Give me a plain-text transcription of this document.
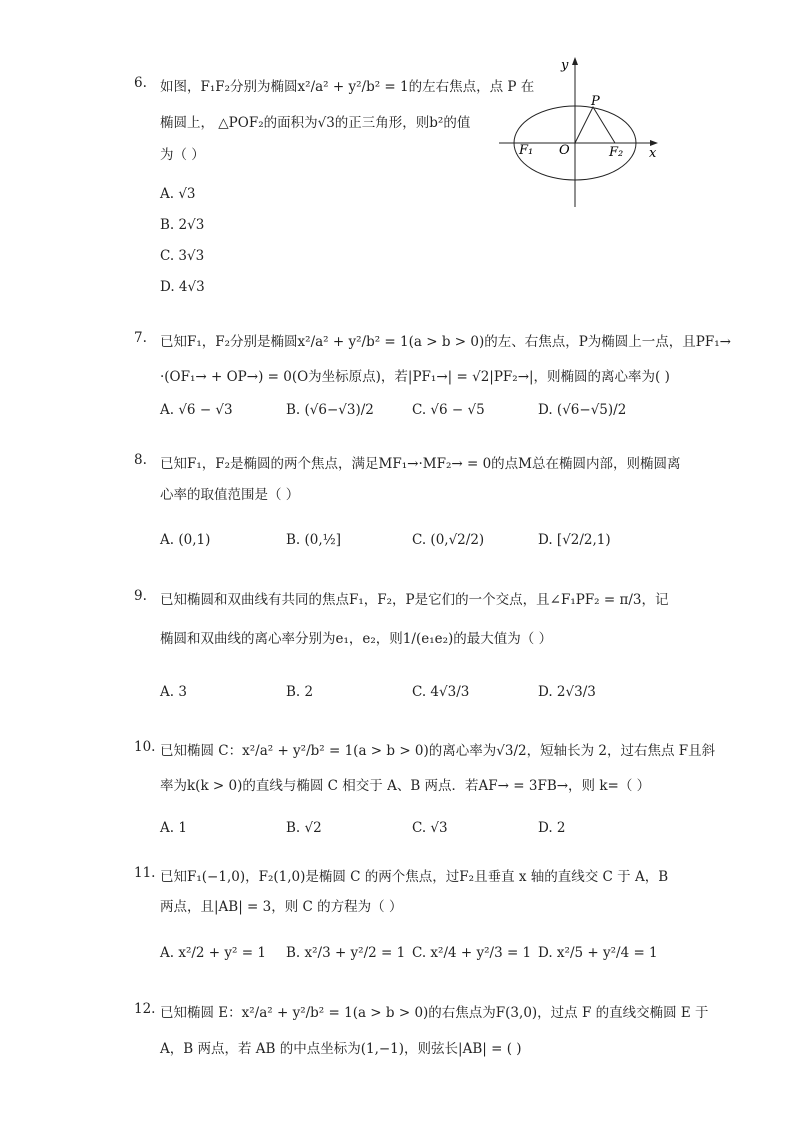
6. 如图，F₁F₂分别为椭圆x²/a² + y²/b² = 1的左右焦点，点 P 在
椭圆上， △POF₂的面积为√3的正三角形，则b²的值
为（ ）
A. √3
B. 2√3
C. 3√3
D. 4√3
y
x
P
O
F₁	F₂
7. 已知F₁，F₂分别是椭圆x²/a² + y²/b² = 1(a > b > 0)的左、右焦点，P为椭圆上一点，且PF₁→
·(OF₁→ + OP→) = 0(O为坐标原点)，若|PF₁→| = √2|PF₂→|，则椭圆的离心率为( )
A. √6 − √3	B. (√6−√3)/2	C. √6 − √5	D. (√6−√5)/2
8. 已知F₁，F₂是椭圆的两个焦点，满足MF₁→·MF₂→ = 0的点M总在椭圆内部，则椭圆离
心率的取值范围是（ ）
A. (0,1)	B. (0,½]	C. (0,√2/2)	D. [√2/2,1)
9. 已知椭圆和双曲线有共同的焦点F₁，F₂，P是它们的一个交点，且∠F₁PF₂ = π/3，记
椭圆和双曲线的离心率分别为e₁，e₂，则1/(e₁e₂)的最大值为（ ）
A. 3	B. 2	C. 4√3/3	D. 2√3/3
10. 已知椭圆 C：x²/a² + y²/b² = 1(a > b > 0)的离心率为√3/2，短轴长为 2，过右焦点 F且斜
率为k(k > 0)的直线与椭圆 C 相交于 A、B 两点．若AF→ = 3FB→，则 k=（ ）
A. 1	B. √2	C. √3	D. 2
11. 已知F₁(−1,0)，F₂(1,0)是椭圆 C 的两个焦点，过F₂且垂直 x 轴的直线交 C 于 A，B
两点，且|AB| = 3，则 C 的方程为（ ）
A. x²/2 + y² = 1 B. x²/3 + y²/2 = 1 C. x²/4 + y²/3 = 1 D. x²/5 + y²/4 = 1
12. 已知椭圆 E：x²/a² + y²/b² = 1(a > b > 0)的右焦点为F(3,0)，过点 F 的直线交椭圆 E 于
A，B 两点，若 AB 的中点坐标为(1,−1)，则弦长|AB| = ( )
